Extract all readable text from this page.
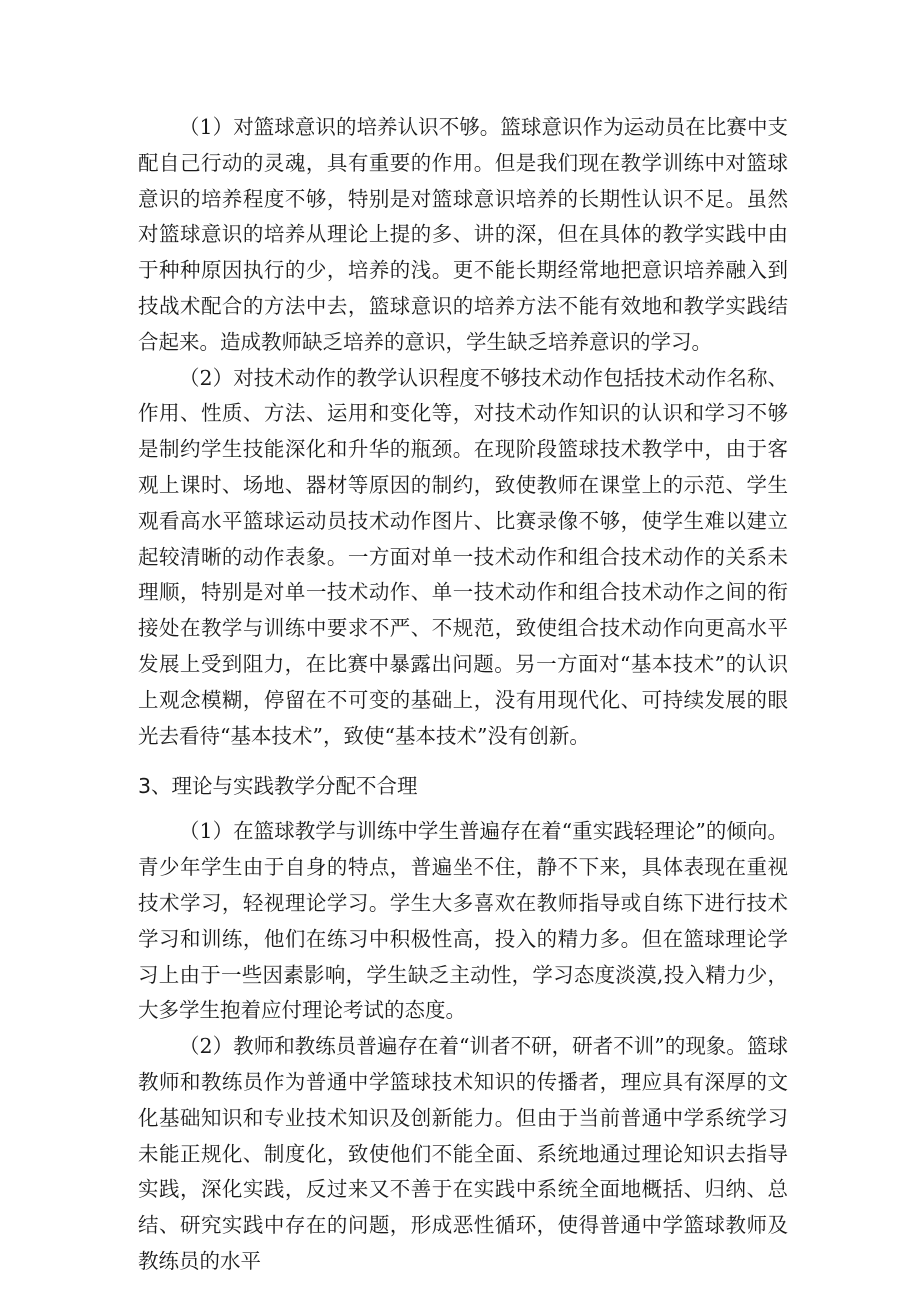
（1）对篮球意识的培养认识不够。篮球意识作为运动员在比赛中支配自己行动的灵魂，具有重要的作用。但是我们现在教学训练中对篮球意识的培养程度不够，特别是对篮球意识培养的长期性认识不足。虽然对篮球意识的培养从理论上提的多、讲的深，但在具体的教学实践中由于种种原因执行的少，培养的浅。更不能长期经常地把意识培养融入到技战术配合的方法中去，篮球意识的培养方法不能有效地和教学实践结合起来。造成教师缺乏培养的意识，学生缺乏培养意识的学习。

（2）对技术动作的教学认识程度不够技术动作包括技术动作名称、作用、性质、方法、运用和变化等，对技术动作知识的认识和学习不够是制约学生技能深化和升华的瓶颈。在现阶段篮球技术教学中，由于客观上课时、场地、器材等原因的制约，致使教师在课堂上的示范、学生观看高水平篮球运动员技术动作图片、比赛录像不够，使学生难以建立起较清晰的动作表象。一方面对单一技术动作和组合技术动作的关系未理顺，特别是对单一技术动作、单一技术动作和组合技术动作之间的衔接处在教学与训练中要求不严、不规范，致使组合技术动作向更高水平发展上受到阻力，在比赛中暴露出问题。另一方面对“基本技术”的认识上观念模糊，停留在不可变的基础上，没有用现代化、可持续发展的眼光去看待“基本技术”，致使“基本技术”没有创新。

3、理论与实践教学分配不合理

（1）在篮球教学与训练中学生普遍存在着“重实践轻理论”的倾向。青少年学生由于自身的特点，普遍坐不住，静不下来，具体表现在重视技术学习，轻视理论学习。学生大多喜欢在教师指导或自练下进行技术学习和训练，他们在练习中积极性高，投入的精力多。但在篮球理论学习上由于一些因素影响，学生缺乏主动性，学习态度淡漠,投入精力少，大多学生抱着应付理论考试的态度。

（2）教师和教练员普遍存在着“训者不研，研者不训”的现象。篮球教师和教练员作为普通中学篮球技术知识的传播者，理应具有深厚的文化基础知识和专业技术知识及创新能力。但由于当前普通中学系统学习未能正规化、制度化，致使他们不能全面、系统地通过理论知识去指导实践，深化实践，反过来又不善于在实践中系统全面地概括、归纳、总结、研究实践中存在的问题，形成恶性循环，使得普通中学篮球教师及教练员的水平
